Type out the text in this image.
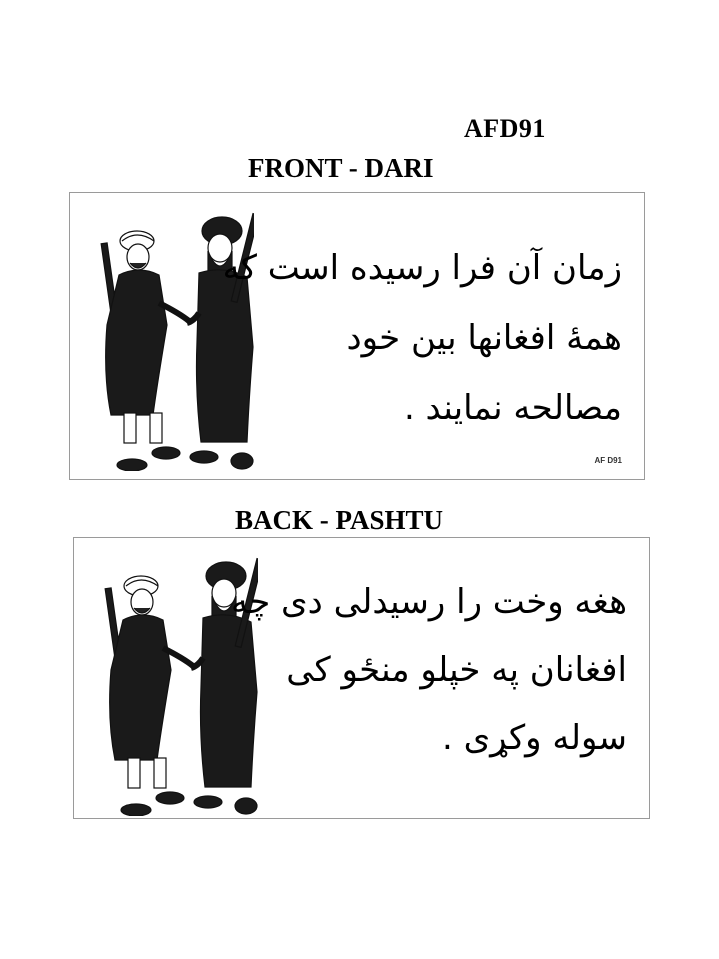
AFD91
FRONT - DARI
زمان آن فرا رسیده است که
همهٔ افغانها بین خود
مصالحه نمایند .
AF D91
BACK - PASHTU
هغه وخت را رسیدلی دی چه
افغانان په خپلو منځو کی
سوله وکړی .
